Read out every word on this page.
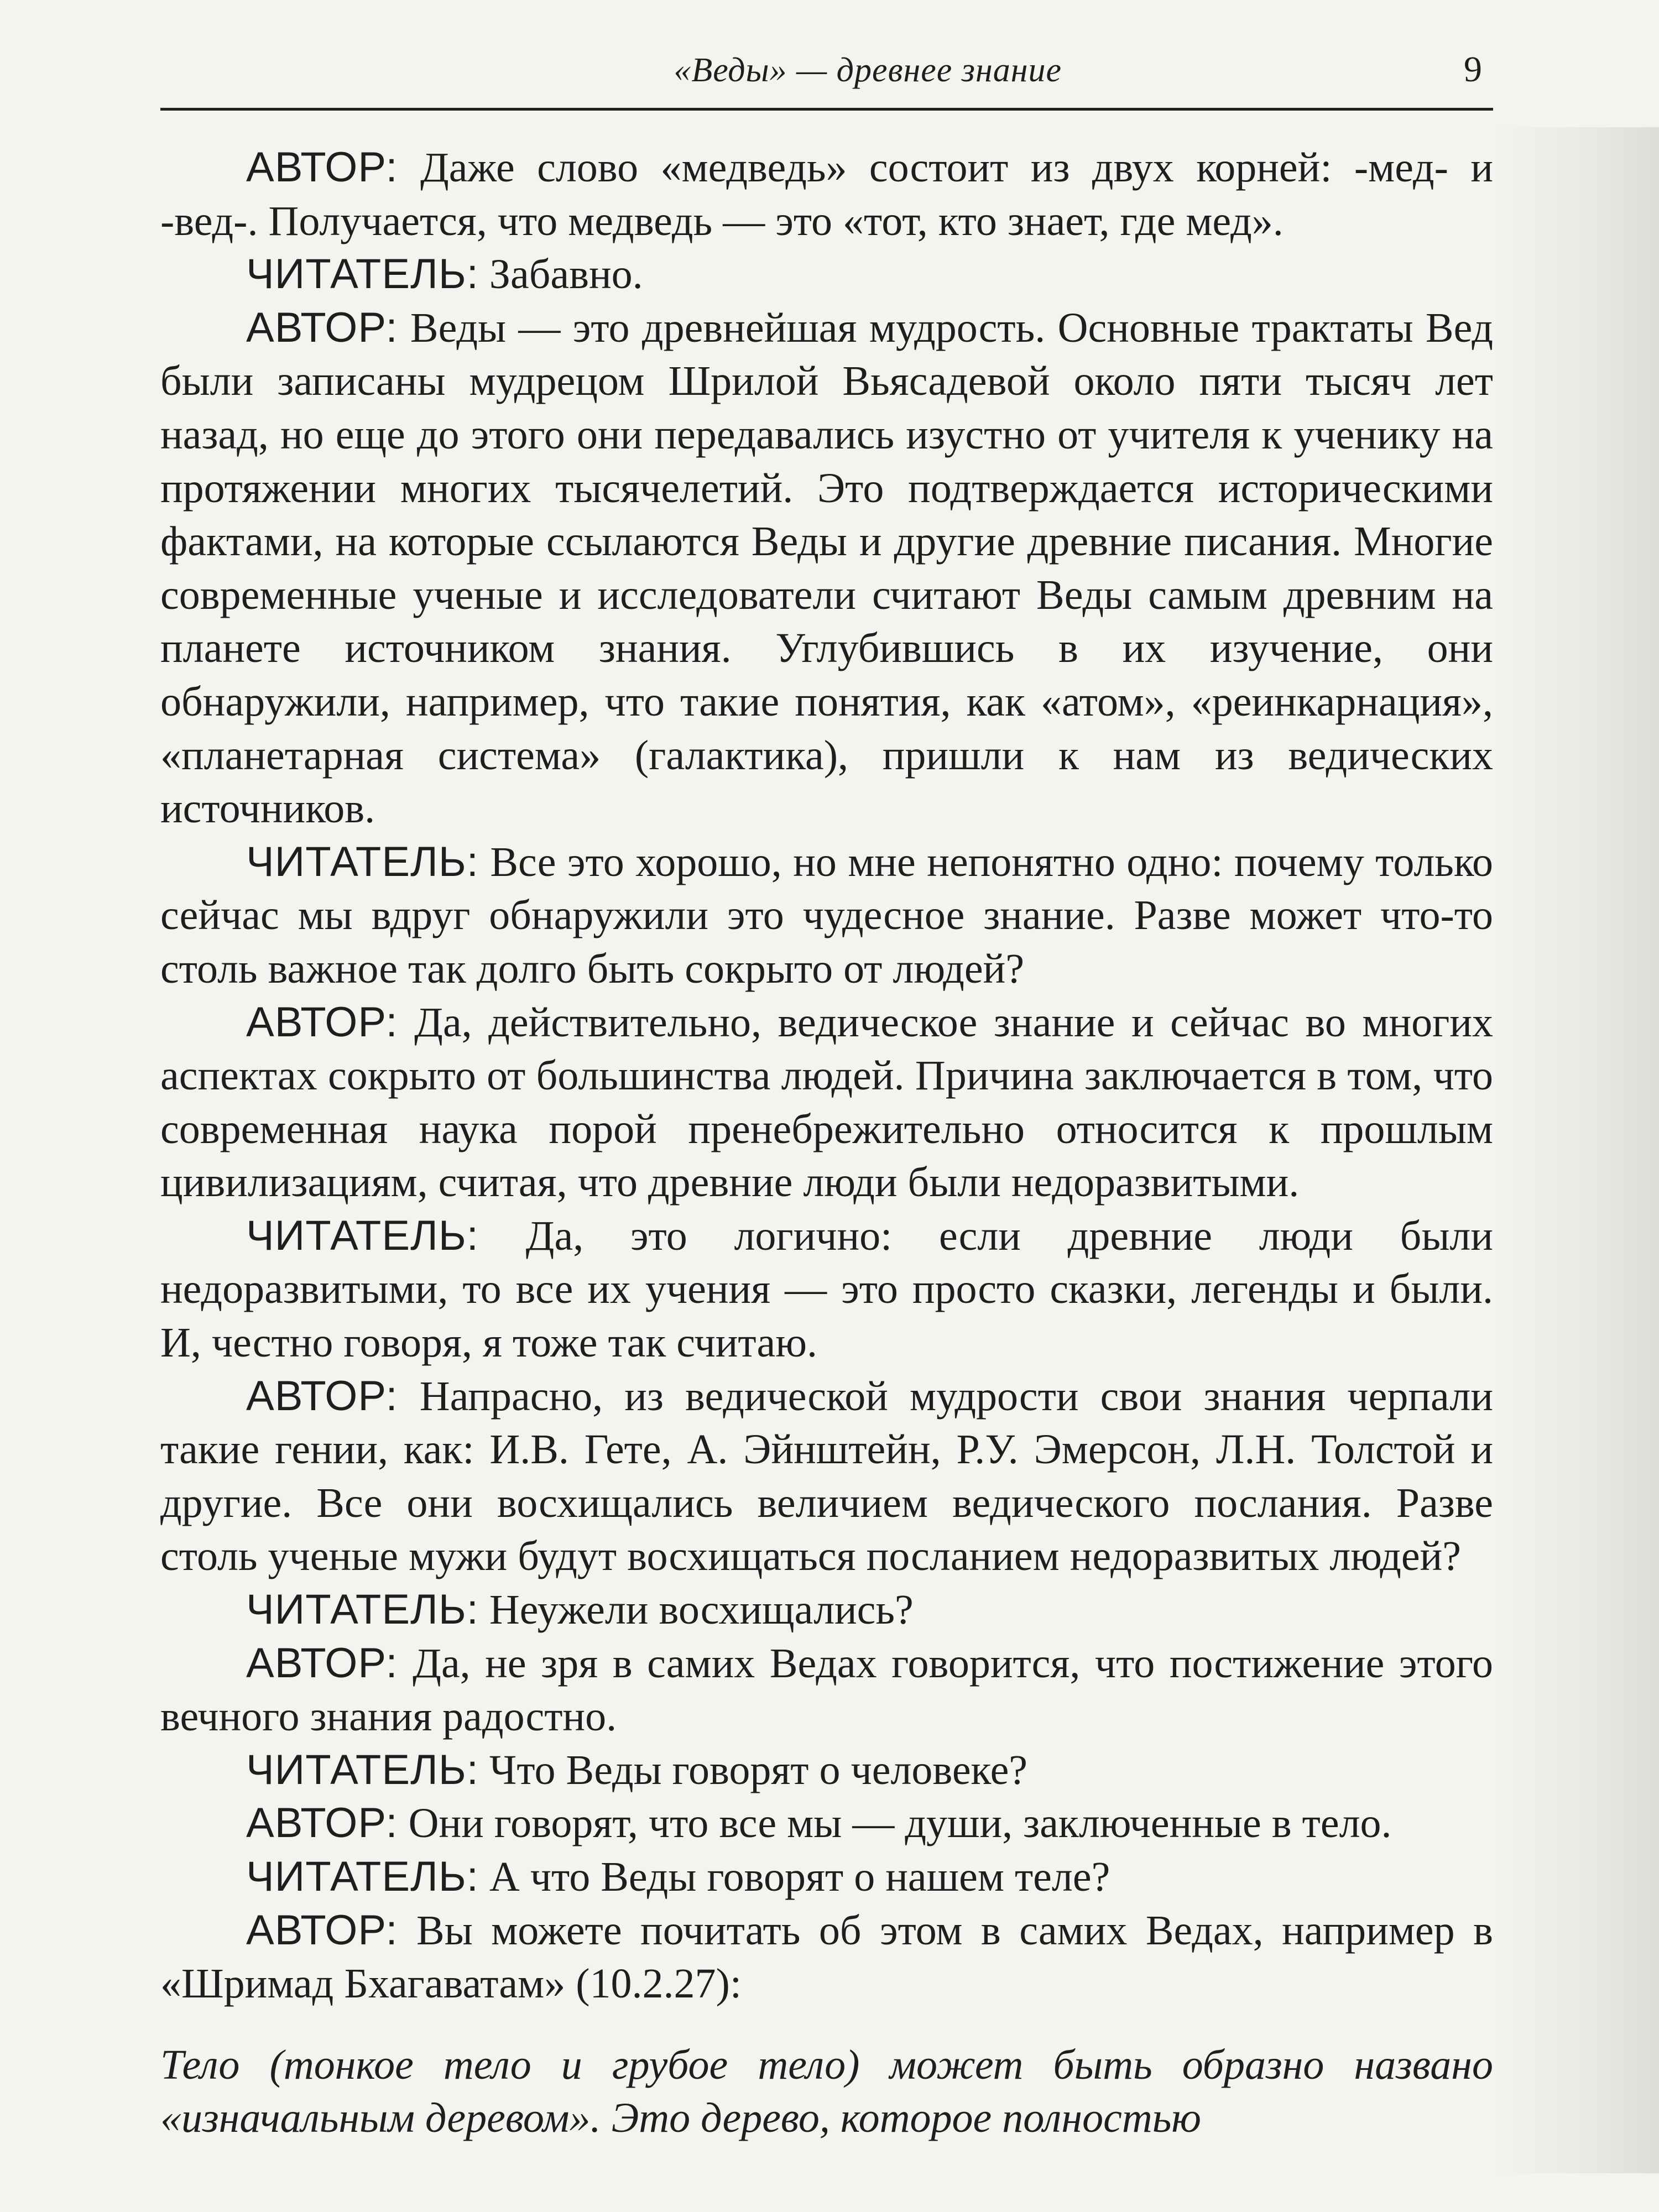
«Веды» — древнее знание	9

АВТОР: Даже слово «медведь» состоит из двух корней: -мед- и -вед-. Получается, что медведь — это «тот, кто знает, где мед».

ЧИТАТЕЛЬ: Забавно.

АВТОР: Веды — это древнейшая мудрость. Основные трактаты Вед были записаны мудрецом Шрилой Вьясадевой около пяти тысяч лет назад, но еще до этого они передавались изустно от учителя к ученику на протяжении многих тысячелетий. Это подтверждается историческими фактами, на которые ссылаются Веды и другие древние писания. Многие современные ученые и исследователи считают Веды самым древним на планете источником знания. Углубившись в их изучение, они обнаружили, например, что такие понятия, как «атом», «реинкарнация», «планетарная система» (галактика), пришли к нам из ведических источников.

ЧИТАТЕЛЬ: Все это хорошо, но мне непонятно одно: почему только сейчас мы вдруг обнаружили это чудесное знание. Разве может что-то столь важное так долго быть сокрыто от людей?

АВТОР: Да, действительно, ведическое знание и сейчас во многих аспектах сокрыто от большинства людей. Причина заключается в том, что современная наука порой пренебрежительно относится к прошлым цивилизациям, считая, что древние люди были недоразвитыми.

ЧИТАТЕЛЬ: Да, это логично: если древние люди были недоразвитыми, то все их учения — это просто сказки, легенды и были. И, честно говоря, я тоже так считаю.

АВТОР: Напрасно, из ведической мудрости свои знания черпали такие гении, как: И.В. Гете, А. Эйнштейн, Р.У. Эмерсон, Л.Н. Толстой и другие. Все они восхищались величием ведического послания. Разве столь ученые мужи будут восхищаться посланием недоразвитых людей?

ЧИТАТЕЛЬ: Неужели восхищались?

АВТОР: Да, не зря в самих Ведах говорится, что постижение этого вечного знания радостно.

ЧИТАТЕЛЬ: Что Веды говорят о человеке?

АВТОР: Они говорят, что все мы — души, заключенные в тело.

ЧИТАТЕЛЬ: А что Веды говорят о нашем теле?

АВТОР: Вы можете почитать об этом в самих Ведах, например в «Шримад Бхагаватам» (10.2.27):

Тело (тонкое тело и грубое тело) может быть образно названо «изначальным деревом». Это дерево, которое полностью
